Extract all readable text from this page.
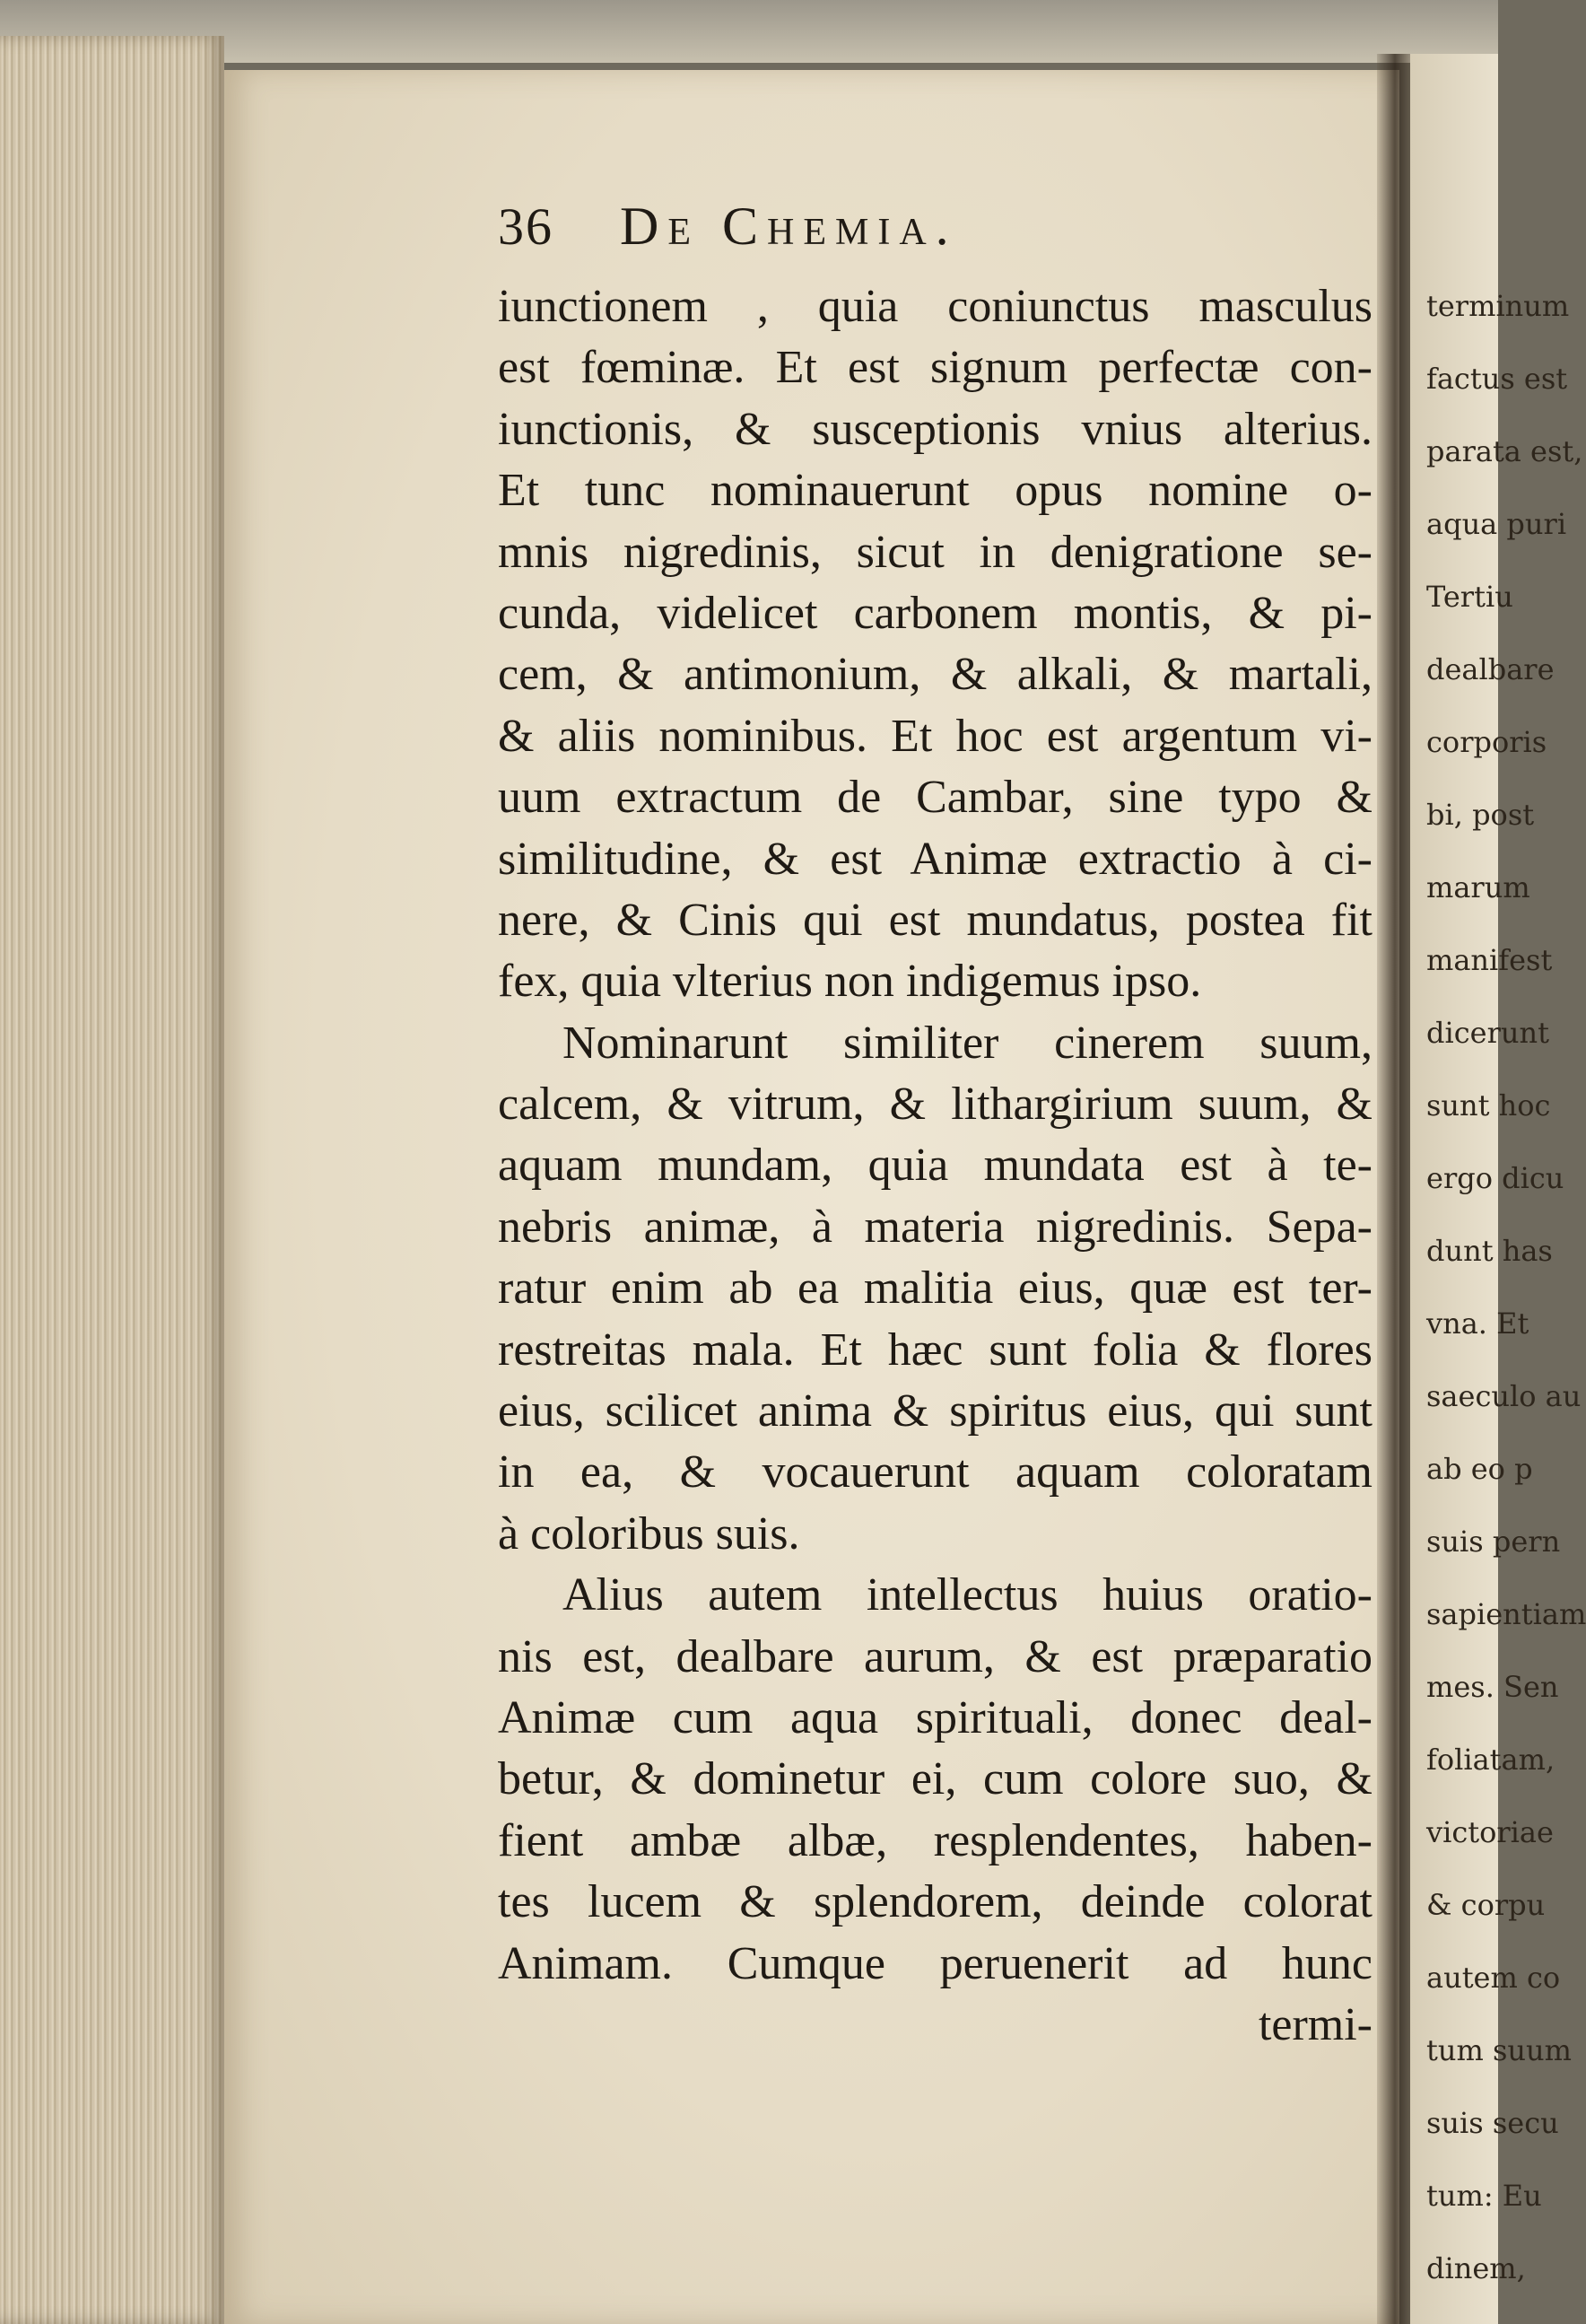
terminum
factus est
parata est,
aqua puri
Tertiu
dealbare
corporis
bi, post
marum
manifest
dicerunt
sunt hoc
ergo dicu
dunt has
vna. Et
saeculo au
ab eo p
suis pern
sapientiam
mes. Sen
foliatam,
victoriae
& corpu
autem co
tum suum
suis secu
tum: Eu
dinem,
36 De Chemia.
iunctionem , quia coniunctus masculus
est fœminæ. Et est signum perfectæ con-
iunctionis, & susceptionis vnius alterius.
Et tunc nominauerunt opus nomine o-
mnis nigredinis, sicut in denigratione se-
cunda, videlicet carbonem montis, & pi-
cem, & antimonium, & alkali, & martali,
& aliis nominibus. Et hoc est argentum vi-
uum extractum de Cambar, sine typo &
similitudine, & est Animæ extractio à ci-
nere, & Cinis qui est mundatus, postea fit
fex, quia vlterius non indigemus ipso.
Nominarunt similiter cinerem suum,
calcem, & vitrum, & lithargirium suum, &
aquam mundam, quia mundata est à te-
nebris animæ, à materia nigredinis. Sepa-
ratur enim ab ea malitia eius, quæ est ter-
restreitas mala. Et hæc sunt folia & flores
eius, scilicet anima & spiritus eius, qui sunt
in ea, & vocauerunt aquam coloratam
à coloribus suis.
Alius autem intellectus huius oratio-
nis est, dealbare aurum, & est præparatio
Animæ cum aqua spirituali, donec deal-
betur, & dominetur ei, cum colore suo, &
fient ambæ albæ, resplendentes, haben-
tes lucem & splendorem, deinde colorat
Animam. Cumque peruenerit ad hunc
termi-
